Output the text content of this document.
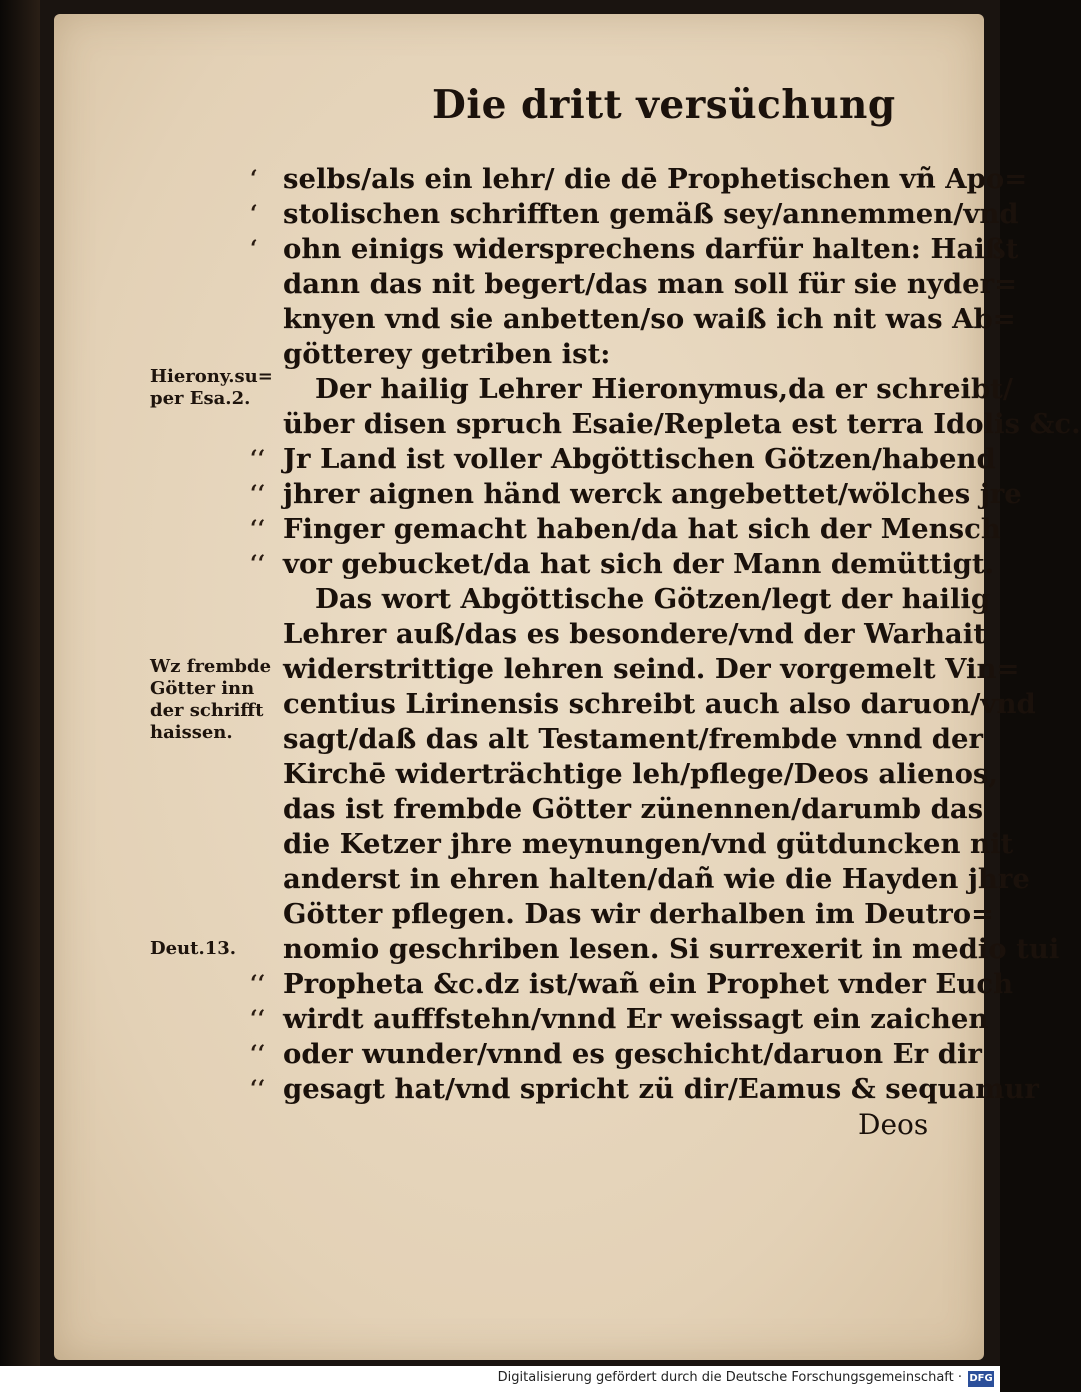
Die dritt versüchung
selbs/als ein lehr/ die dē Prophetischen vñ Apo=
stolischen schrifften gemäß sey/annemmen/vnd
ohn einigs widersprechens darfür halten: Haißt
dann das nit begert/das man soll für sie nyder=
knyen vnd sie anbetten/so waiß ich nit was Ab=
götterey getriben ist:
Der hailig Lehrer Hieronymus,da er schreibt/
über disen spruch Esaie/Repleta est terra Idolis &c.
Jr Land ist voller Abgöttischen Götzen/habend
jhrer aignen händ werck angebettet/wölches jre
Finger gemacht haben/da hat sich der Mensch
vor gebucket/da hat sich der Mann demüttigt.
Das wort Abgöttische Götzen/legt der hailig
Lehrer auß/das es besondere/vnd der Warhait
widerstrittige lehren seind. Der vorgemelt Vin=
centius Lirinensis schreibt auch also daruon/vnd
sagt/daß das alt Testament/frembde vnnd der
Kirchē widerträchtige leh/pflege/Deos alienos,
das ist frembde Götter zünennen/darumb das
die Ketzer jhre meynungen/vnd gütduncken nit
anderst in ehren halten/dañ wie die Hayden jhre
Götter pflegen. Das wir derhalben im Deutro=
nomio geschriben lesen. Si surrexerit in medio tui
Propheta &c.dz ist/wañ ein Prophet vnder Euch
wirdt aufffstehn/vnnd Er weissagt ein zaichen
oder wunder/vnnd es geschicht/daruon Er dir
gesagt hat/vnd spricht zü dir/Eamus & sequamur
‘
‘
‘
‘‘
‘‘
‘‘
‘‘
‘‘
‘‘
‘‘
‘‘
Hierony.su=
per Esa.2.
Wz frembde
Götter inn
der schrifft
haissen.
Deut.13.
Deos
Digitalisierung gefördert durch die Deutsche Forschungsgemeinschaft · DFG
